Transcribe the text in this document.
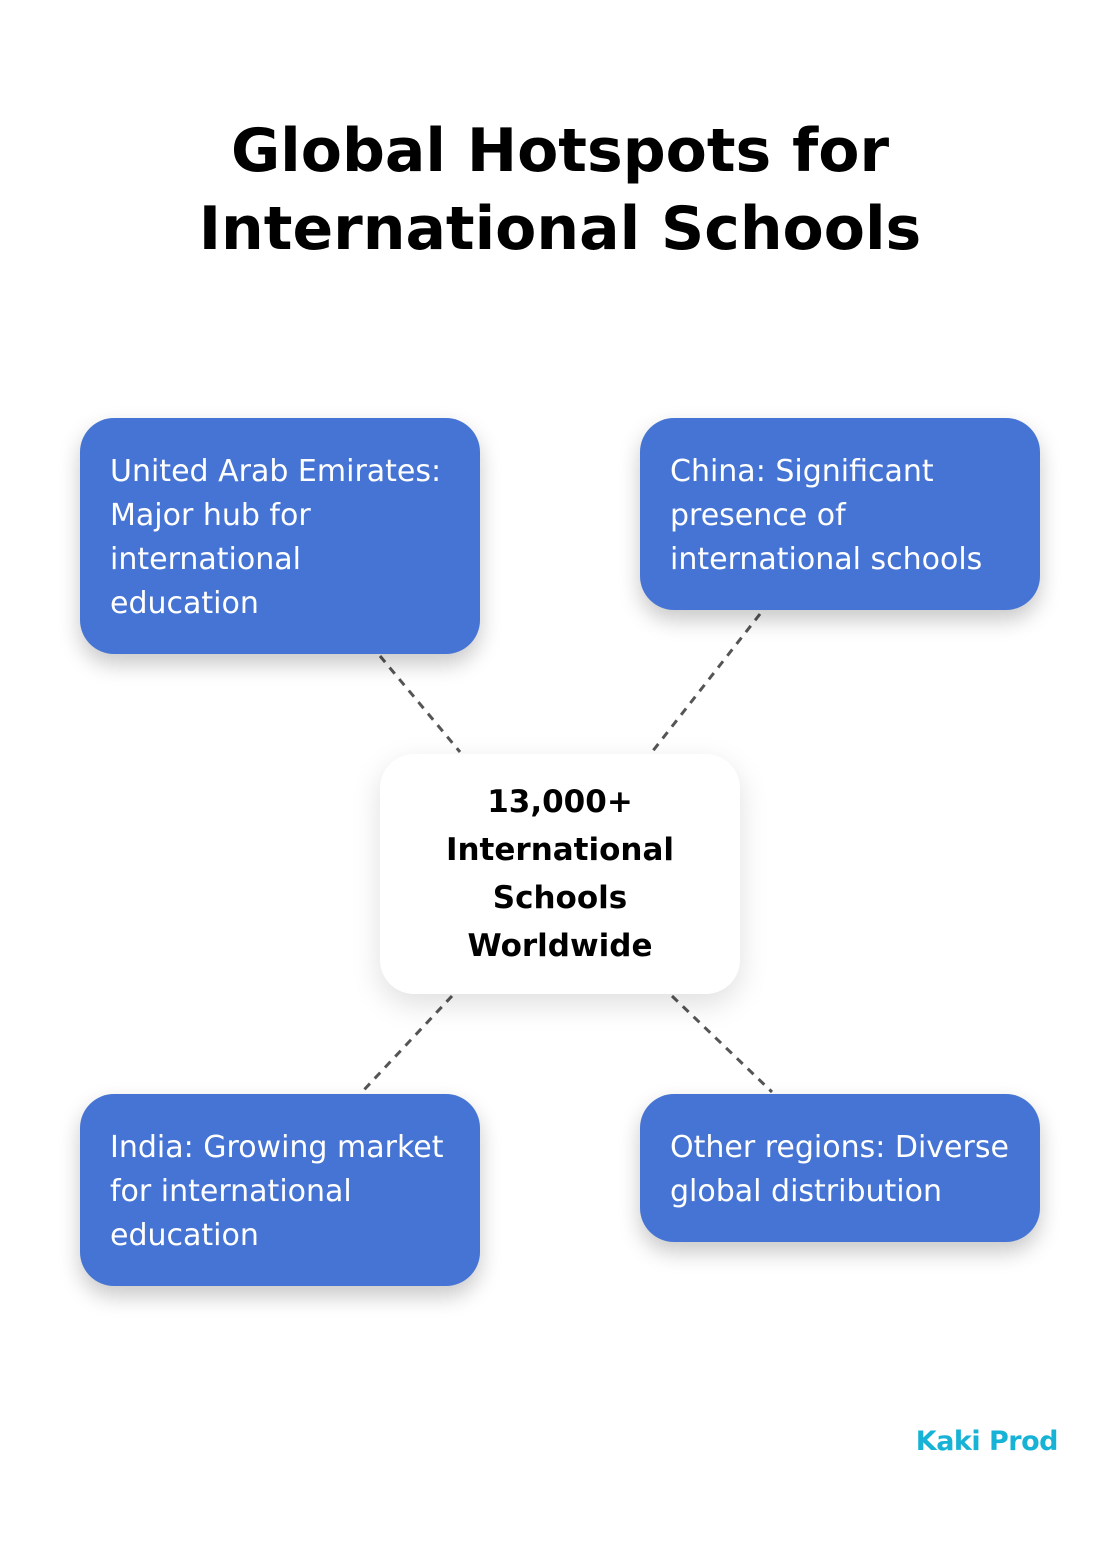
Global Hotspots for International Schools
United Arab Emirates: Major hub for international education
China: Significant presence of international schools
13,000+ International Schools Worldwide
India: Growing market for international education
Other regions: Diverse global distribution
Kaki Prod
